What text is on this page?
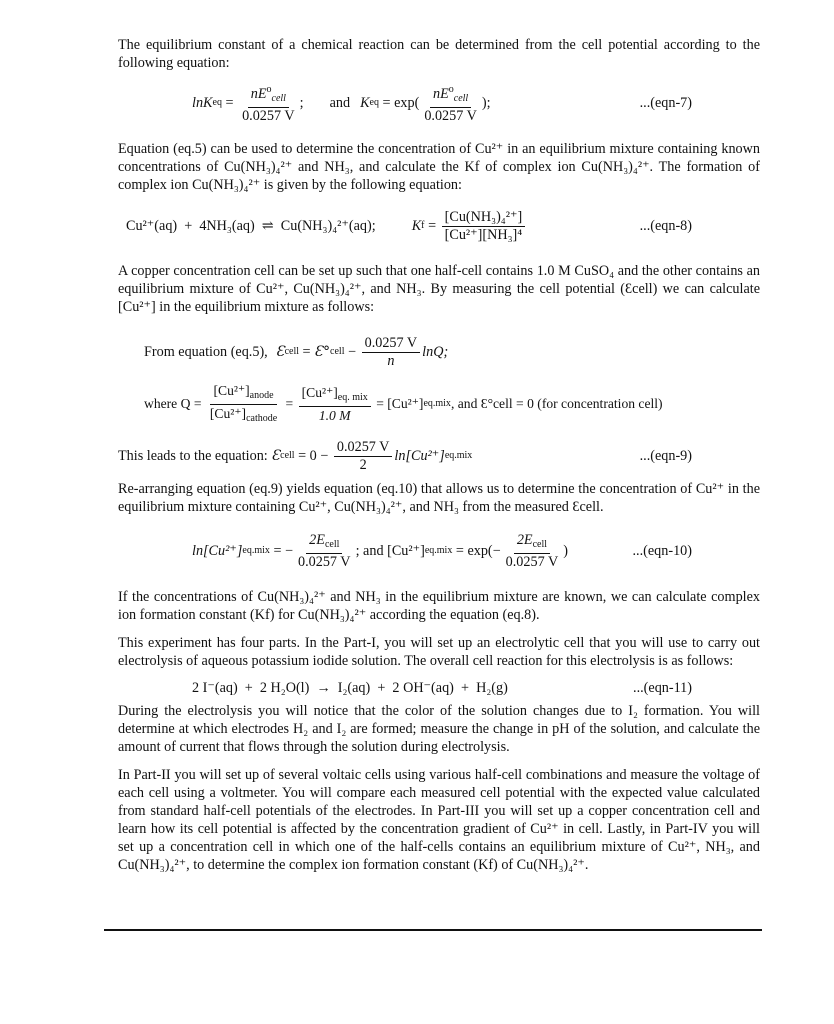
The equilibrium constant of a chemical reaction can be determined from the cell potential according to the following equation:

lnK eq = $\frac{nE^o_{cell}}{0.0257 V}$ ; and K eq = $\exp( \frac{nE^o_{cell}}{0.0257 V}$ );	...(eqn-7)

Equation (eq.5) can be used to determine the concentration of Cu²⁺ in an equilibrium mixture containing known concentrations of Cu(NH₃)₄²⁺ and NH₃, and calculate the Kf of complex ion Cu(NH₃)₄²⁺. The formation of complex ion Cu(NH₃)₄²⁺ is given by the following equation:

Cu²⁺(aq)  +  4NH₃(aq)  ⇌  Cu(NH₃)₄²⁺(aq);	K $f = \frac{\text{[Cu(NH₃)₄²⁺]}}{\text{[Cu²⁺][NH₃]⁴}}$	...(eqn-8)

A copper concentration cell can be set up such that one half-cell contains 1.0 M CuSO₄ and the other contains an equilibrium mixture of Cu²⁺, Cu(NH₃)₄²⁺, and NH₃. By measuring the cell potential (Ɛcell) we can calculate [Cu²⁺] in the equilibrium mixture as follows:

From equation (eq.5), Ɛ cell = Ɛ° cell − $\frac{0.0257 V}{n} \ln Q$;
where $Q = \frac{[Cu^{2+}]_{anode}}{[Cu^{2+}]_{cathode}} = \frac{[Cu^{2+}]_{eq. mix}}{1.0 M} = [Cu^{2+}]$ eq.mix , and Ɛ°cell = 0 (for concentration cell)
This leads to the equation: Ɛ cell = $0 - \frac{0.0257 V}{2} \ln[Cu^{2+}]$ eq.mix	...(eqn-9)

Re-arranging equation (eq.9) yields equation (eq.10) that allows us to determine the concentration of Cu²⁺ in the equilibrium mixture containing Cu²⁺, Cu(NH₃)₄²⁺, and NH₃ from the measured Ɛcell.

ln[Cu²⁺] eq.mix = − $\frac{2E_{cell}}{0.0257 V}$ ; and [Cu²⁺] $eq.mix = \exp(- \frac{2E_{cell}}{0.0257 V}$ )	...(eqn-10)

If the concentrations of Cu(NH₃)₄²⁺ and NH₃ in the equilibrium mixture are known, we can calculate complex ion formation constant (Kf) for Cu(NH₃)₄²⁺ according the equation (eq.8).

This experiment has four parts. In the Part-I, you will set up an electrolytic cell that you will use to carry out electrolysis of aqueous potassium iodide solution. The overall cell reaction for this electrolysis is as follows:

2 I⁻(aq)  +  2 H₂O(l)  →  I₂(aq)  +  2 OH⁻(aq)  +  H₂(g)	...(eqn-11)

During the electrolysis you will notice that the color of the solution changes due to I₂ formation. You will determine at which electrodes H₂ and I₂ are formed; measure the change in pH of the solution, and calculate the amount of current that flows through the solution during electrolysis.

In Part-II you will set up of several voltaic cells using various half-cell combinations and measure the voltage of each cell using a voltmeter. You will compare each measured cell potential with the expected value calculated from standard half-cell potentials of the electrodes. In Part-III you will set up a copper concentration cell and learn how its cell potential is affected by the concentration gradient of Cu²⁺ in cell. Lastly, in Part-IV you will set up a concentration cell in which one of the half-cells contains an equilibrium mixture of Cu²⁺, NH₃, and Cu(NH₃)₄²⁺, to determine the complex ion formation constant (Kf) of Cu(NH₃)₄²⁺.
